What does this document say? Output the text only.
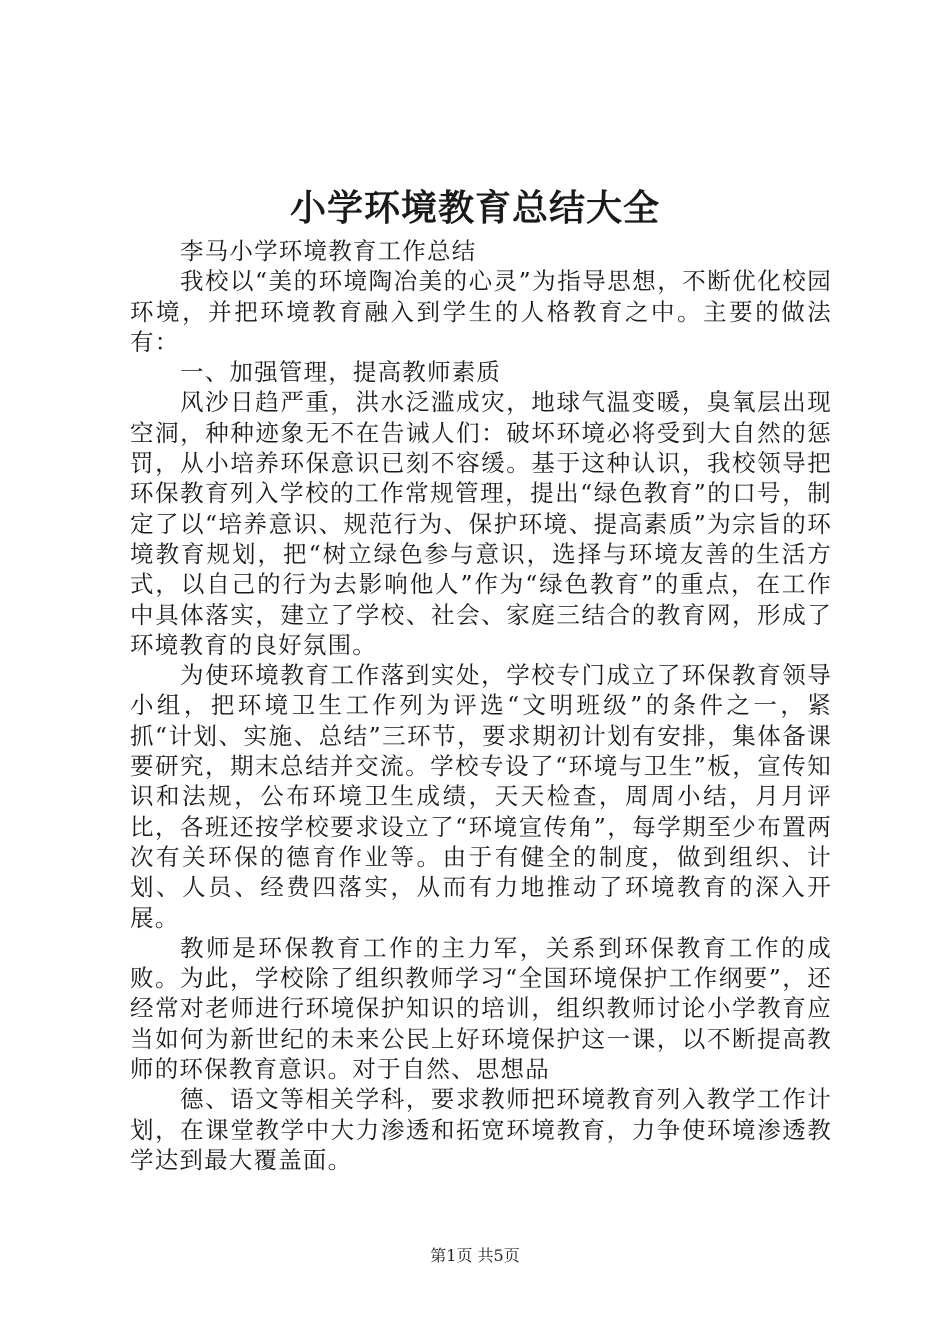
小学环境教育总结大全

李马小学环境教育工作总结

我校以“美的环境陶冶美的心灵”为指导思想，不断优化校园环境，并把环境教育融入到学生的人格教育之中。主要的做法有：

一、加强管理，提高教师素质

风沙日趋严重，洪水泛滥成灾，地球气温变暖，臭氧层出现空洞，种种迹象无不在告诫人们：破坏环境必将受到大自然的惩罚，从小培养环保意识已刻不容缓。基于这种认识，我校领导把环保教育列入学校的工作常规管理，提出“绿色教育”的口号，制定了以“培养意识、规范行为、保护环境、提高素质”为宗旨的环境教育规划，把“树立绿色参与意识，选择与环境友善的生活方式，以自己的行为去影响他人”作为“绿色教育”的重点，在工作中具体落实，建立了学校、社会、家庭三结合的教育网，形成了环境教育的良好氛围。

为使环境教育工作落到实处，学校专门成立了环保教育领导小组，把环境卫生工作列为评选“文明班级”的条件之一，紧抓“计划、实施、总结”三环节，要求期初计划有安排，集体备课要研究，期末总结并交流。学校专设了“环境与卫生”板，宣传知识和法规，公布环境卫生成绩，天天检查，周周小结，月月评比，各班还按学校要求设立了“环境宣传角”，每学期至少布置两次有关环保的德育作业等。由于有健全的制度，做到组织、计划、人员、经费四落实，从而有力地推动了环境教育的深入开展。

教师是环保教育工作的主力军，关系到环保教育工作的成败。为此，学校除了组织教师学习“全国环境保护工作纲要”，还经常对老师进行环境保护知识的培训，组织教师讨论小学教育应当如何为新世纪的未来公民上好环境保护这一课，以不断提高教师的环保教育意识。对于自然、思想品

德、语文等相关学科，要求教师把环境教育列入教学工作计划，在课堂教学中大力渗透和拓宽环境教育，力争使环境渗透教学达到最大覆盖面。

第1页 共5页
